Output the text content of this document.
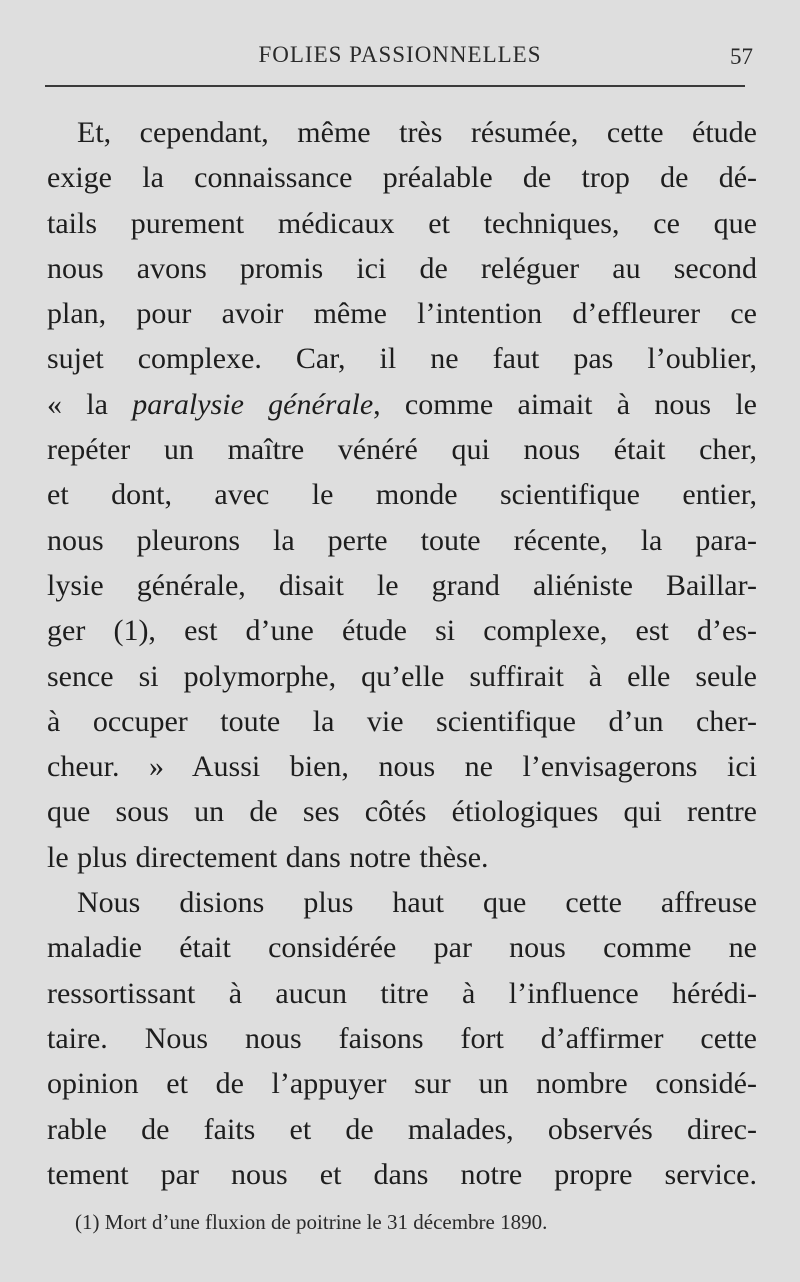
FOLIES PASSIONNELLES	57
Et, cependant, même très résumée, cette étude
exige la connaissance préalable de trop de dé-
tails purement médicaux et techniques, ce que
nous avons promis ici de reléguer au second
plan, pour avoir même l’intention d’effleurer ce
sujet complexe. Car, il ne faut pas l’oublier,
« la paralysie générale, comme aimait à nous le
repéter un maître vénéré qui nous était cher,
et dont, avec le monde scientifique entier,
nous pleurons la perte toute récente, la para-
lysie générale, disait le grand aliéniste Baillar-
ger (1), est d’une étude si complexe, est d’es-
sence si polymorphe, qu’elle suffirait à elle seule
à occuper toute la vie scientifique d’un cher-
cheur. » Aussi bien, nous ne l’envisagerons ici
que sous un de ses côtés étiologiques qui rentre
le plus directement dans notre thèse.
Nous disions plus haut que cette affreuse
maladie était considérée par nous comme ne
ressortissant à aucun titre à l’influence hérédi-
taire. Nous nous faisons fort d’affirmer cette
opinion et de l’appuyer sur un nombre considé-
rable de faits et de malades, observés direc-
tement par nous et dans notre propre service.
(1) Mort d’une fluxion de poitrine le 31 décembre 1890.
